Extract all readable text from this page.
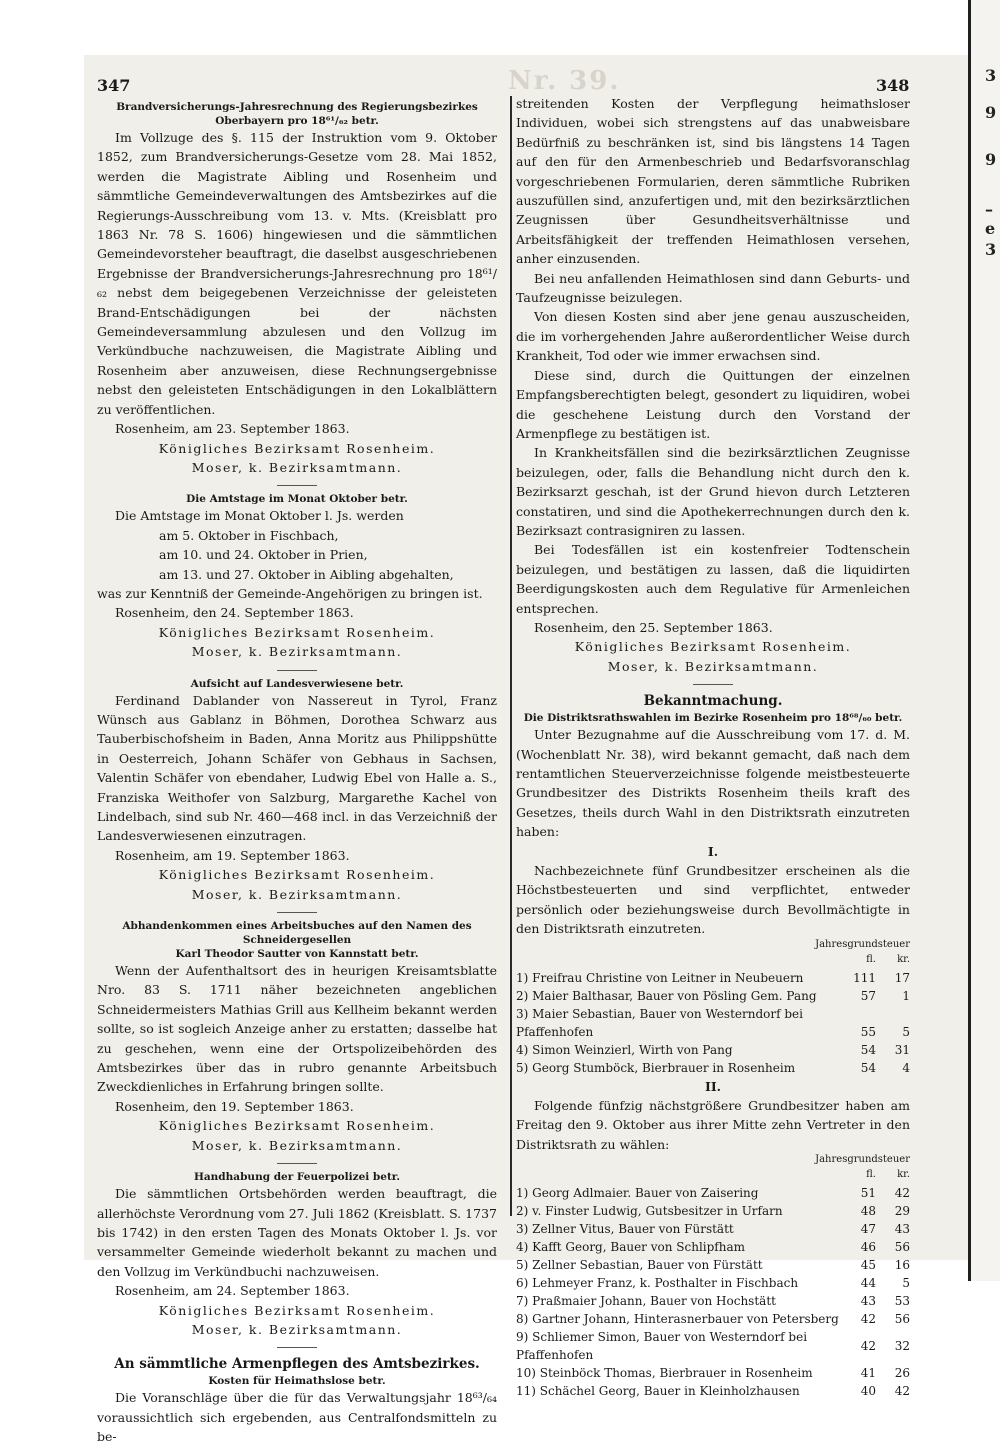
3
9
9
–e
3
347	348
Nr. 39.

Brandversicherungs-Jahresrechnung des Regierungsbezirkes Oberbayern pro 18⁶¹/₆₂ betr.

Im Vollzuge des §. 115 der Instruktion vom 9. Oktober 1852, zum Brandversicherungs-Gesetze vom 28. Mai 1852, werden die Magistrate Aibling und Rosenheim und sämmtliche Gemeindeverwaltungen des Amtsbezirkes auf die Regierungs-Ausschreibung vom 13. v. Mts. (Kreisblatt pro 1863 Nr. 78 S. 1606) hingewiesen und die sämmtlichen Gemeindevorsteher beauftragt, die daselbst ausgeschriebenen Ergebnisse der Brandversicherungs-Jahresrechnung pro 18⁶¹/₆₂ nebst dem beigegebenen Verzeichnisse der geleisteten Brand-Entschädigungen bei der nächsten Gemeindeversammlung abzulesen und den Vollzug im Verkündbuche nachzuweisen, die Magistrate Aibling und Rosenheim aber anzuweisen, diese Rechnungsergebnisse nebst den geleisteten Entschädigungen in den Lokalblättern zu veröffentlichen.

Rosenheim, am 23. September 1863.

Königliches Bezirksamt Rosenheim.

Moser, k. Bezirksamtmann.

Die Amtstage im Monat Oktober betr.

Die Amtstage im Monat Oktober l. Js. werden

am 5. Oktober in Fischbach,

am 10. und 24. Oktober in Prien,

am 13. und 27. Oktober in Aibling abgehalten,

was zur Kenntniß der Gemeinde-Angehörigen zu bringen ist.

Rosenheim, den 24. September 1863.

Königliches Bezirksamt Rosenheim.

Moser, k. Bezirksamtmann.

Aufsicht auf Landesverwiesene betr.

Ferdinand Dablander von Nassereut in Tyrol, Franz Wünsch aus Gablanz in Böhmen, Dorothea Schwarz aus Tauberbischofsheim in Baden, Anna Moritz aus Philippshütte in Oesterreich, Johann Schäfer von Gebhaus in Sachsen, Valentin Schäfer von ebendaher, Ludwig Ebel von Halle a. S., Franziska Weithofer von Salzburg, Margarethe Kachel von Lindelbach, sind sub Nr. 460—468 incl. in das Verzeichniß der Landesverwiesenen einzutragen.

Rosenheim, am 19. September 1863.

Königliches Bezirksamt Rosenheim.

Moser, k. Bezirksamtmann.

Abhandenkommen eines Arbeitsbuches auf den Namen des Schneidergesellen

Karl Theodor Sautter von Kannstatt betr.

Wenn der Aufenthaltsort des in heurigen Kreisamtsblatte Nro. 83 S. 1711 näher bezeichneten angeblichen Schneidermeisters Mathias Grill aus Kellheim bekannt werden sollte, so ist sogleich Anzeige anher zu erstatten; dasselbe hat zu geschehen, wenn eine der Ortspolizeibehörden des Amtsbezirkes über das in rubro genannte Arbeitsbuch Zweckdienliches in Erfahrung bringen sollte.

Rosenheim, den 19. September 1863.

Königliches Bezirksamt Rosenheim.

Moser, k. Bezirksamtmann.

Handhabung der Feuerpolizei betr.

Die sämmtlichen Ortsbehörden werden beauftragt, die allerhöchste Verordnung vom 27. Juli 1862 (Kreisblatt. S. 1737 bis 1742) in den ersten Tagen des Monats Oktober l. Js. vor versammelter Gemeinde wiederholt bekannt zu machen und den Vollzug im Verkündbuchi nachzuweisen.

Rosenheim, am 24. September 1863.

Königliches Bezirksamt Rosenheim.

Moser, k. Bezirksamtmann.

An sämmtliche Armenpflegen des Amtsbezirkes.

Kosten für Heimathslose betr.

Die Voranschläge über die für das Verwaltungsjahr 18⁶³/₆₄ voraussichtlich sich ergebenden, aus Centralfondsmitteln zu be-

streitenden Kosten der Verpflegung heimathsloser Individuen, wobei sich strengstens auf das unabweisbare Bedürfniß zu beschränken ist, sind bis längstens 14 Tagen auf den für den Armenbeschrieb und Bedarfsvoranschlag vorgeschriebenen Formularien, deren sämmtliche Rubriken auszufüllen sind, anzufertigen und, mit den bezirksärztlichen Zeugnissen über Gesundheitsverhältnisse und Arbeitsfähigkeit der treffenden Heimathlosen versehen, anher einzusenden.

Bei neu anfallenden Heimathlosen sind dann Geburts- und Taufzeugnisse beizulegen.

Von diesen Kosten sind aber jene genau auszuscheiden, die im vorhergehenden Jahre außerordentlicher Weise durch Krankheit, Tod oder wie immer erwachsen sind.

Diese sind, durch die Quittungen der einzelnen Empfangsberechtigten belegt, gesondert zu liquidiren, wobei die geschehene Leistung durch den Vorstand der Armenpflege zu bestätigen ist.

In Krankheitsfällen sind die bezirksärztlichen Zeugnisse beizulegen, oder, falls die Behandlung nicht durch den k. Bezirksarzt geschah, ist der Grund hievon durch Letzteren constatiren, und sind die Apothekerrechnungen durch den k. Bezirksazt contrasigniren zu lassen.

Bei Todesfällen ist ein kostenfreier Todtenschein beizulegen, und bestätigen zu lassen, daß die liquidirten Beerdigungskosten auch dem Regulative für Armenleichen entsprechen.

Rosenheim, den 25. September 1863.

Königliches Bezirksamt Rosenheim.

Moser, k. Bezirksamtmann.

Bekanntmachung.

Die Distriktsrathswahlen im Bezirke Rosenheim pro 18⁶⁸/₆₀ betr.

Unter Bezugnahme auf die Ausschreibung vom 17. d. M. (Wochenblatt Nr. 38), wird bekannt gemacht, daß nach dem rentamtlichen Steuerverzeichnisse folgende meistbesteuerte Grundbesitzer des Distrikts Rosenheim theils kraft des Gesetzes, theils durch Wahl in den Distriktsrath einzutreten haben:

I.

Nachbezeichnete fünf Grundbesitzer erscheinen als die Höchstbesteuerten und sind verpflichtet, entweder persönlich oder beziehungsweise durch Bevollmächtigte in den Distriktsrath einzutreten.

Jahresgrundsteuer
	fl.	kr.
1) Freifrau Christine von Leitner in Neubeuern	111	17
2) Maier Balthasar, Bauer von Pösling Gem. Pang	57	1
3) Maier Sebastian, Bauer von Westerndorf bei Pfaffenhofen	55	5
4) Simon Weinzierl, Wirth von Pang	54	31
5) Georg Stumböck, Bierbrauer in Rosenheim	54	4

II.

Folgende fünfzig nächstgrößere Grundbesitzer haben am Freitag den 9. Oktober aus ihrer Mitte zehn Vertreter in den Distriktsrath zu wählen:

Jahresgrundsteuer
	fl.	kr.
1) Georg Adlmaier. Bauer von Zaisering	51	42
2) v. Finster Ludwig, Gutsbesitzer in Urfarn	48	29
3) Zellner Vitus, Bauer von Fürstätt	47	43
4) Kafft Georg, Bauer von Schlipfham	46	56
5) Zellner Sebastian, Bauer von Fürstätt	45	16
6) Lehmeyer Franz, k. Posthalter in Fischbach	44	5
7) Praßmaier Johann, Bauer von Hochstätt	43	53
8) Gartner Johann, Hinterasnerbauer von Petersberg	42	56
9) Schliemer Simon, Bauer von Westerndorf bei Pfaffenhofen	42	32
10) Steinböck Thomas, Bierbrauer in Rosenheim	41	26
11) Schächel Georg, Bauer in Kleinholzhausen	40	42
